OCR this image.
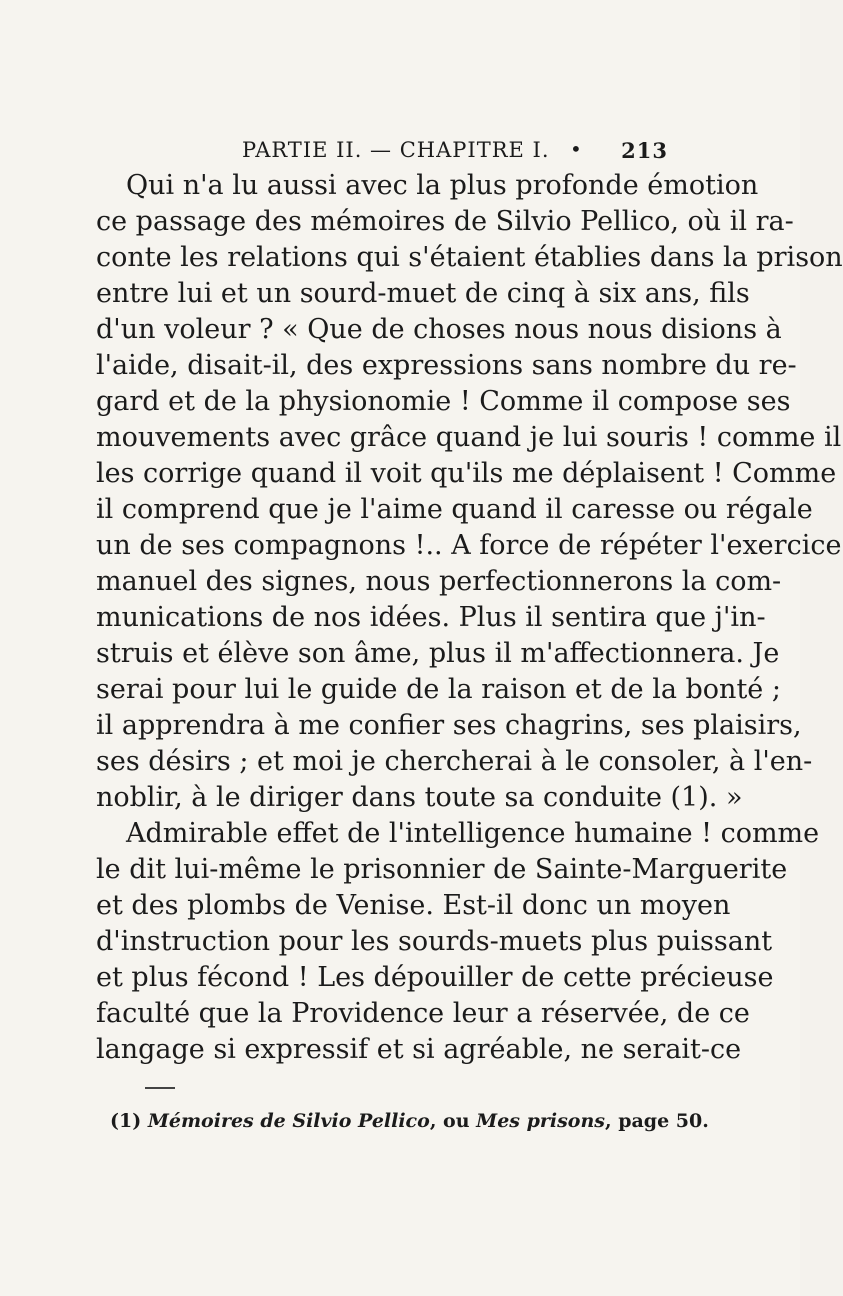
PARTIE II. — CHAPITRE I. • 213
Qui n'a lu aussi avec la plus profonde émotion
ce passage des mémoires de Silvio Pellico, où il ra-
conte les relations qui s'étaient établies dans la prison
entre lui et un sourd-muet de cinq à six ans, fils
d'un voleur ? « Que de choses nous nous disions à
l'aide, disait-il, des expressions sans nombre du re-
gard et de la physionomie ! Comme il compose ses
mouvements avec grâce quand je lui souris ! comme il
les corrige quand il voit qu'ils me déplaisent ! Comme
il comprend que je l'aime quand il caresse ou régale
un de ses compagnons !.. A force de répéter l'exercice
manuel des signes, nous perfectionnerons la com-
munications de nos idées. Plus il sentira que j'in-
struis et élève son âme, plus il m'affectionnera. Je
serai pour lui le guide de la raison et de la bonté ;
il apprendra à me confier ses chagrins, ses plaisirs,
ses désirs ; et moi je chercherai à le consoler, à l'en-
noblir, à le diriger dans toute sa conduite (1). »
Admirable effet de l'intelligence humaine ! comme
le dit lui-même le prisonnier de Sainte-Marguerite
et des plombs de Venise. Est-il donc un moyen
d'instruction pour les sourds-muets plus puissant
et plus fécond ! Les dépouiller de cette précieuse
faculté que la Providence leur a réservée, de ce
langage si expressif et si agréable, ne serait-ce
(1) Mémoires de Silvio Pellico, ou Mes prisons, page 50.
